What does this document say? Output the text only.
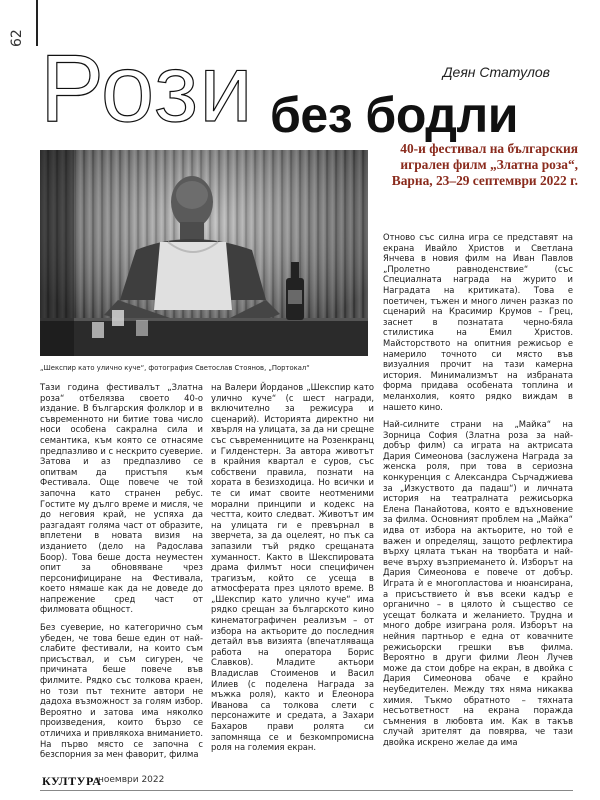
62 Рози	Деян Статулов
без бодли
40-и фестивал на българския игрален филм „Златна роза“, Варна, 23–29 септември 2022 г.
„Шекспир като улично куче“, фотография Светослав Стоянов, „Портокал“

Тази година фестивалът „Златна роза“ отбелязва своето 40-о издание. В българския фолклор и в съвременното ни битие това число носи особена сакрална сила и семантика, към която се отнасяме предпазливо и с нескрито суеверие. Затова и аз предпазливо се опитвам да пристъпя към Фестивала. Още повече че той започна като странен ребус. Гостите му дълго време и мисля, че до неговия край, не успяха да разгадаят голяма част от образите, вплетени в новата визия на изданието (дело на Радослава Боор). Това беше доста неуместен опит за обновяване чрез персонифициране на Фестивала, което нямаше как да не доведе до напрежение сред част от филмовата общност.

Без суеверие, но категорично съм убеден, че това беше един от най-слабите фестивали, на които съм присъствал, и съм сигурен, че причината беше повече във филмите. Рядко със толкова краен, но този път техните автори не дадоха възможност за голям избор. Вероятно и затова има няколко произведения, които бързо се отличиха и привлякоха вниманието. На първо място се започна с безспорния за мен фаворит, филма

на Валери Йорданов „Шекспир като улично куче“ (с шест награди, включително за режисура и сценарий). Историята директно ни хвърля на улицата, за да ни срещне със съвременниците на Розенкранц и Гилденстерн. За автора животът в крайния квартал е суров, със собствени правила, познати на хората в безизходица. Но всички и те си имат своите неотменими морални принципи и кодекс на честта, които следват. Животът им на улицата ги е превърнал в зверчета, за да оцелеят, но пък са запазили тъй рядко срещаната хуманност. Както в Шекспировата драма филмът носи специфичен трагизъм, който се усеща в атмосферата през цялото време. В „Шекспир като улично куче“ има рядко срещан за българското кино кинематографичен реализъм – от избора на актьорите до последния детайл във визията (впечатляваща работа на оператора Борис Славков). Младите актьори Владислав Стоименов и Васил Илиев (с поделена Награда за мъжка роля), както и Елеонора Иванова са толкова слети с персонажите и средата, а Захари Бахаров прави ролята си запомняща се и безкомпромисна роля на големия екран.

Отново със силна игра се представят на екрана Ивайло Христов и Светлана Янчева в новия филм на Иван Павлов „Пролетно равноденствие“ (със Специалната награда на журито и Наградата на критиката). Това е поетичен, тъжен и много личен разказ по сценарий на Красимир Крумов – Грец, заснет в познатата черно-бяла стилистика на Емил Христов. Майсторството на опитния режисьор е намерило точното си място във визуалния прочит на тази камерна история. Минимализмът на избраната форма придава особената топлина и меланхолия, която рядко виждам в нашето кино.

Най-силните страни на „Майка“ на Зорница София (Златна роза за най-добър филм) са играта на актрисата Дария Симеонова (заслужена Награда за женска роля, при това в сериозна конкуренция с Александра Сърчаджиева за „Изкуството да падаш“) и личната история на театралната режисьорка Елена Панайотова, която е вдъхновение за филма. Основният проблем на „Майка“ идва от избора на актьорите, но той е важен и определящ, защото рефлектира върху цялата тъкан на творбата и най-вече върху възприемането ѝ. Изборът на Дария Симеонова е повече от добър. Играта ѝ е многопластова и нюансирана, а присъствието ѝ във всеки кадър е органично – в цялото ѝ същество се усещат болката и желанието. Трудна и много добре изиграна роля. Изборът на нейния партньор е една от ковачните режисьорски грешки във филма. Вероятно в други филми Леон Лучев може да стои добре на екран, в двойка с Дария Симеонова обаче е крайно неубедителен. Между тях няма никаква химия. Тъкмо обратното – тяхната несъответност на екрана поражда съмнения в любовта им. Как в такъв случай зрителят да повярва, че тази двойка искрено желае да има

КУЛТУРА
ноември 2022
